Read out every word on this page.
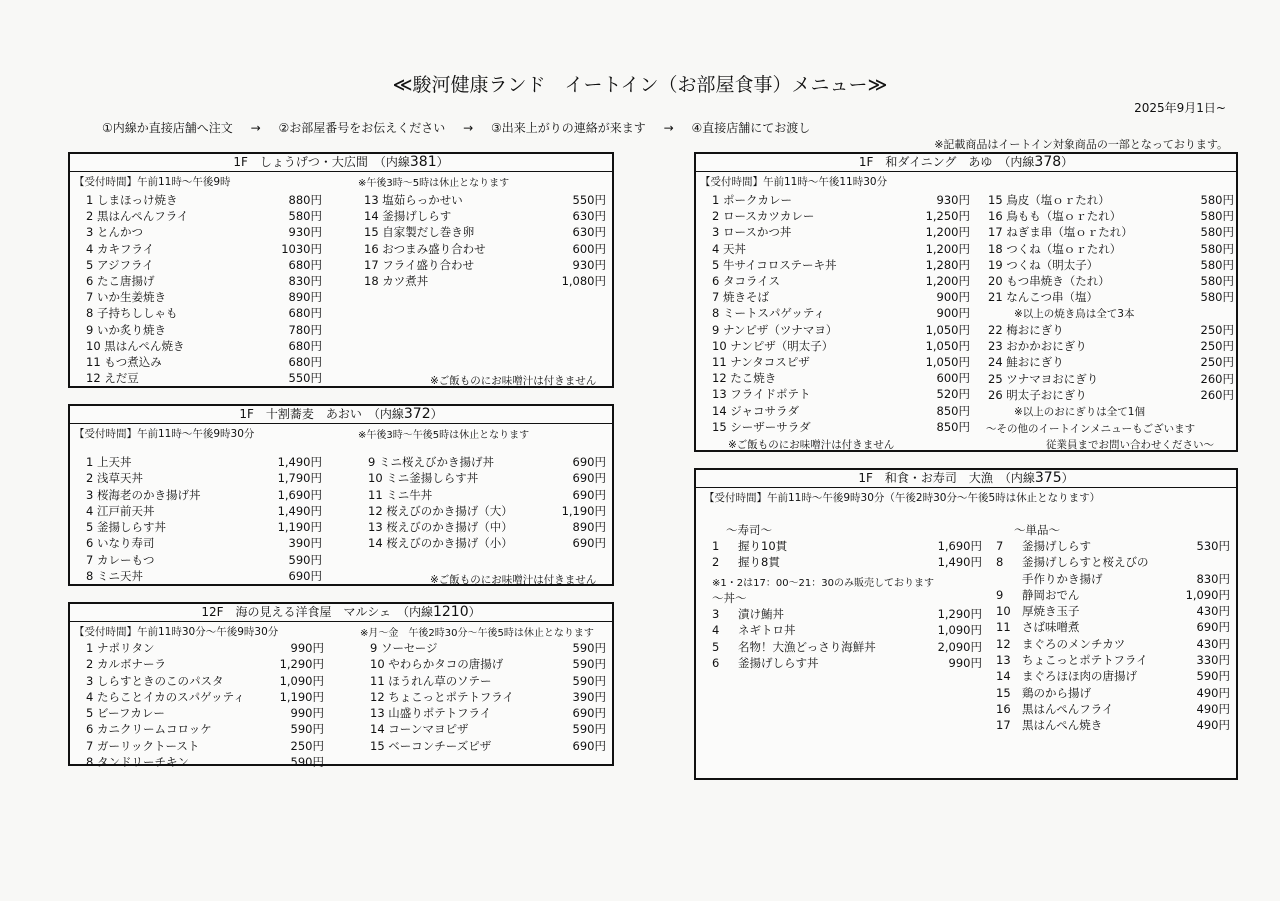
≪駿河健康ランド　イートイン（お部屋食事）メニュー≫
2025年9月1日~
①内線か直接店舗へ注文 → ②お部屋番号をお伝えください → ③出来上がりの連絡が来ます → ④直接店舗にてお渡し
※記載商品はイートイン対象商品の一部となっております。
1F　しょうげつ・大広間　（内線381）
【受付時間】午前11時～午後9時	※午後3時～5時は休止となります
1 しまほっけ焼き	880円
2 黒はんぺんフライ	580円
3 とんかつ	930円
4 カキフライ	1030円
5 アジフライ	680円
6 たこ唐揚げ	830円
7 いか生姜焼き	890円
8 子持ちししゃも	680円
9 いか炙り焼き	780円
10 黒はんぺん焼き	680円
11 もつ煮込み	680円
12 えだ豆	550円
13 塩茹らっかせい	550円
14 釜揚げしらす	630円
15 自家製だし巻き卵	630円
16 おつまみ盛り合わせ	600円
17 フライ盛り合わせ	930円
18 カツ煮丼	1,080円
※ご飯ものにお味噌汁は付きません
1F　十割蕎麦　あおい　（内線372）
【受付時間】午前11時～午後9時30分	※午後3時～午後5時は休止となります
1 上天丼	1,490円
2 浅草天丼	1,790円
3 桜海老のかき揚げ丼	1,690円
4 江戸前天丼	1,490円
5 釜揚しらす丼	1,190円
6 いなり寿司	390円
7 カレーもつ	590円
8 ミニ天丼	690円
9 ミニ桜えびかき揚げ丼	690円
10 ミニ釜揚しらす丼	690円
11 ミニ牛丼	690円
12 桜えびのかき揚げ（大）	1,190円
13 桜えびのかき揚げ（中）	890円
14 桜えびのかき揚げ（小）	690円
※ご飯ものにお味噌汁は付きません
12F　海の見える洋食屋　マルシェ　（内線1210）
【受付時間】午前11時30分～午後9時30分	※月～金　午後2時30分～午後5時は休止となります
1 ナポリタン	990円
2 カルボナーラ	1,290円
3 しらすときのこのパスタ	1,090円
4 たらことイカのスパゲッティ	1,190円
5 ビーフカレー	990円
6 カニクリームコロッケ	590円
7 ガーリックトースト	250円
8 タンドリーチキン	590円
9 ソーセージ	590円
10 やわらかタコの唐揚げ	590円
11 ほうれん草のソテー	590円
12 ちょこっとポテトフライ	390円
13 山盛りポテトフライ	690円
14 コーンマヨピザ	590円
15 ベーコンチーズピザ	690円
1F　和ダイニング　あゆ　（内線378）
【受付時間】午前11時～午後11時30分
1 ポークカレー	930円
2 ロースカツカレー	1,250円
3 ロースかつ丼	1,200円
4 天丼	1,200円
5 牛サイコロステーキ丼	1,280円
6 タコライス	1,200円
7 焼きそば	900円
8 ミートスパゲッティ	900円
9 ナンピザ（ツナマヨ）	1,050円
10 ナンピザ（明太子）	1,050円
11 ナンタコスピザ	1,050円
12 たこ焼き	600円
13 フライドポテト	520円
14 ジャコサラダ	850円
15 シーザーサラダ	850円
15 鳥皮（塩ｏｒたれ）	580円
16 鳥もも（塩ｏｒたれ）	580円
17 ねぎま串（塩ｏｒたれ）	580円
18 つくね（塩ｏｒたれ）	580円
19 つくね（明太子）	580円
20 もつ串焼き（たれ）	580円
21 なんこつ串（塩）	580円
※以上の焼き鳥は全て3本
22 梅おにぎり	250円
23 おかかおにぎり	250円
24 鮭おにぎり	250円
25 ツナマヨおにぎり	260円
26 明太子おにぎり	260円
※以上のおにぎりは全て1個
～その他のイートインメニューもございます
従業員までお問い合わせください～
※ご飯ものにお味噌汁は付きません
1F　和食・お寿司　大漁　（内線375）
【受付時間】午前11時～午後9時30分（午後2時30分～午後5時は休止となります）
～寿司～
1 握り10貫	1,690円
2 握り8貫	1,490円
※1・2は17：00～21：30のみ販売しております
～丼～
3 漬け鮪丼	1,290円
4 ネギトロ丼	1,090円
5 名物！大漁どっさり海鮮丼	2,090円
6 釜揚げしらす丼	990円
～単品～
7 釜揚げしらす	530円
8 釜揚げしらすと桜えびの
手作りかき揚げ	830円
9 静岡おでん	1,090円
10 厚焼き玉子	430円
11 さば味噌煮	690円
12 まぐろのメンチカツ	430円
13 ちょこっとポテトフライ	330円
14 まぐろほほ肉の唐揚げ	590円
15 鶏のから揚げ	490円
16 黒はんぺんフライ	490円
17 黒はんぺん焼き	490円
